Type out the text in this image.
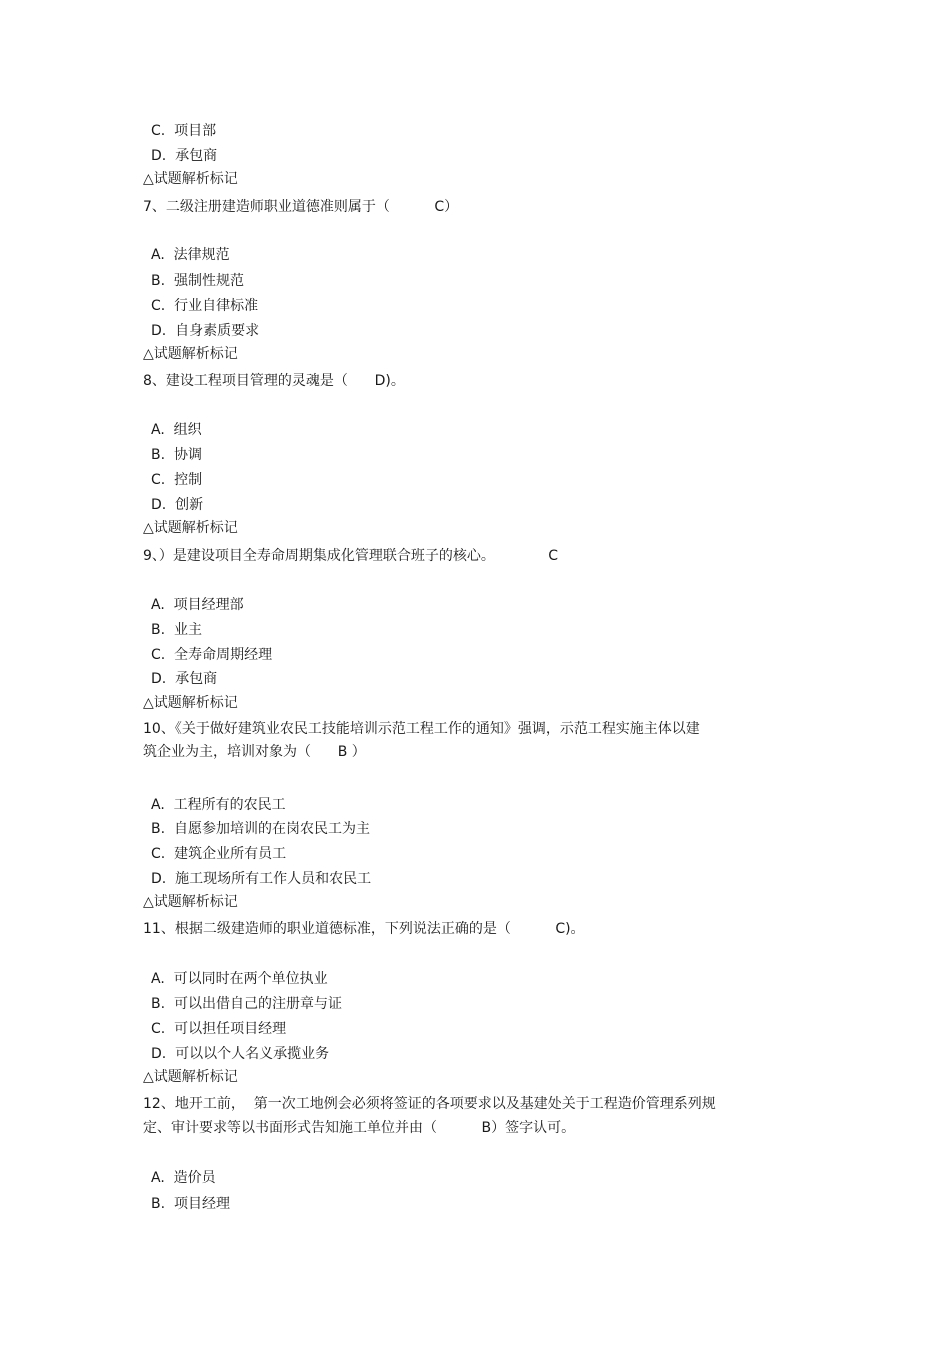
C.  项目部
D.  承包商
△试题解析标记
7、二级注册建造师职业道德准则属于（          C）
A.  法律规范
B.  强制性规范
C.  行业自律标准
D.  自身素质要求
△试题解析标记
8、建设工程项目管理的灵魂是（      D)。
A.  组织
B.  协调
C.  控制
D.  创新
△试题解析标记
9、）是建设项目全寿命周期集成化管理联合班子的核心。            C
A.  项目经理部
B.  业主
C.  全寿命周期经理
D.  承包商
△试题解析标记
10、《关于做好建筑业农民工技能培训示范工程工作的通知》强调，示范工程实施主体以建
筑企业为主，培训对象为（      B ）
A.  工程所有的农民工
B.  自愿参加培训的在岗农民工为主
C.  建筑企业所有员工
D.  施工现场所有工作人员和农民工
△试题解析标记
11、根据二级建造师的职业道德标准，下列说法正确的是（          C)。
A.  可以同时在两个单位执业
B.  可以出借自己的注册章与证
C.  可以担任项目经理
D.  可以以个人名义承揽业务
△试题解析标记
12、地开工前，  第一次工地例会必须将签证的各项要求以及基建处关于工程造价管理系列规
定、审计要求等以书面形式告知施工单位并由（          B）签字认可。
A.  造价员
B.  项目经理
